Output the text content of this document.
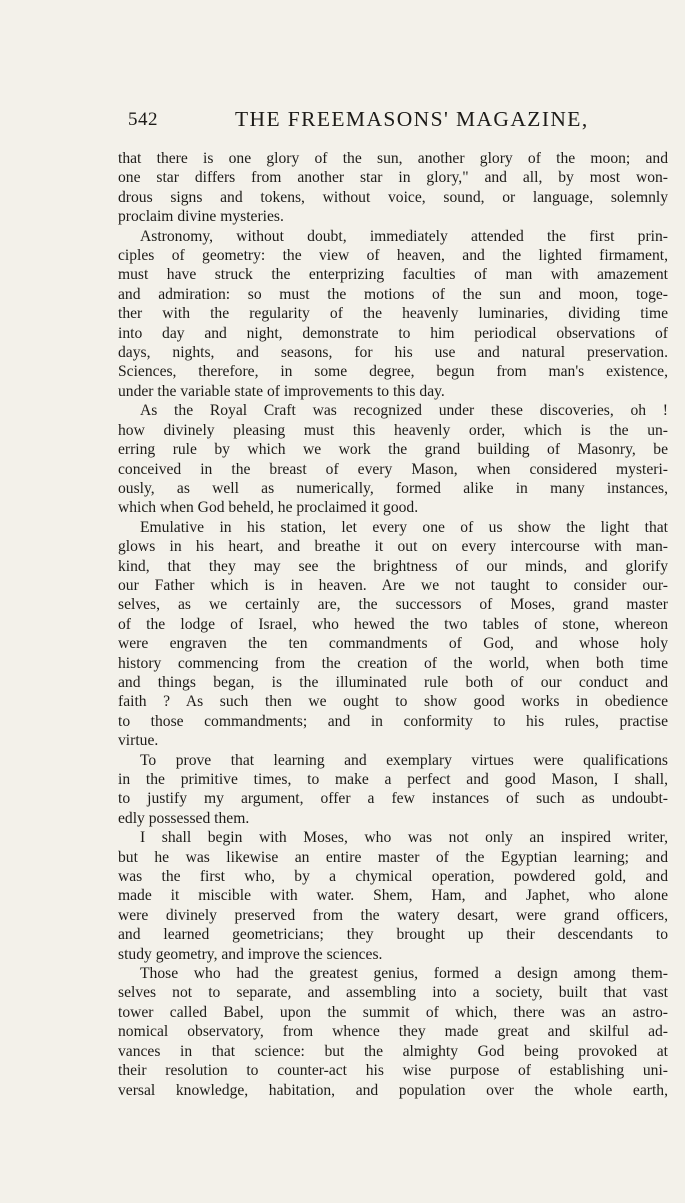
542	THE FREEMASONS' MAGAZINE,
that there is one glory of the sun, another glory of the moon; and
one star differs from another star in glory," and all, by most won-
drous signs and tokens, without voice, sound, or language, solemnly
proclaim divine mysteries.
Astronomy, without doubt, immediately attended the first prin-
ciples of geometry: the view of heaven, and the lighted firmament,
must have struck the enterprizing faculties of man with amazement
and admiration: so must the motions of the sun and moon, toge-
ther with the regularity of the heavenly luminaries, dividing time
into day and night, demonstrate to him periodical observations of
days, nights, and seasons, for his use and natural preservation.
Sciences, therefore, in some degree, begun from man's existence,
under the variable state of improvements to this day.
As the Royal Craft was recognized under these discoveries, oh !
how divinely pleasing must this heavenly order, which is the un-
erring rule by which we work the grand building of Masonry, be
conceived in the breast of every Mason, when considered mysteri-
ously, as well as numerically, formed alike in many instances,
which when God beheld, he proclaimed it good.
Emulative in his station, let every one of us show the light that
glows in his heart, and breathe it out on every intercourse with man-
kind, that they may see the brightness of our minds, and glorify
our Father which is in heaven. Are we not taught to consider our-
selves, as we certainly are, the successors of Moses, grand master
of the lodge of Israel, who hewed the two tables of stone, whereon
were engraven the ten commandments of God, and whose holy
history commencing from the creation of the world, when both time
and things began, is the illuminated rule both of our conduct and
faith ? As such then we ought to show good works in obedience
to those commandments; and in conformity to his rules, practise
virtue.
To prove that learning and exemplary virtues were qualifications
in the primitive times, to make a perfect and good Mason, I shall,
to justify my argument, offer a few instances of such as undoubt-
edly possessed them.
I shall begin with Moses, who was not only an inspired writer,
but he was likewise an entire master of the Egyptian learning; and
was the first who, by a chymical operation, powdered gold, and
made it miscible with water. Shem, Ham, and Japhet, who alone
were divinely preserved from the watery desart, were grand officers,
and learned geometricians; they brought up their descendants to
study geometry, and improve the sciences.
Those who had the greatest genius, formed a design among them-
selves not to separate, and assembling into a society, built that vast
tower called Babel, upon the summit of which, there was an astro-
nomical observatory, from whence they made great and skilful ad-
vances in that science: but the almighty God being provoked at
their resolution to counter-act his wise purpose of establishing uni-
versal knowledge, habitation, and population over the whole earth,
